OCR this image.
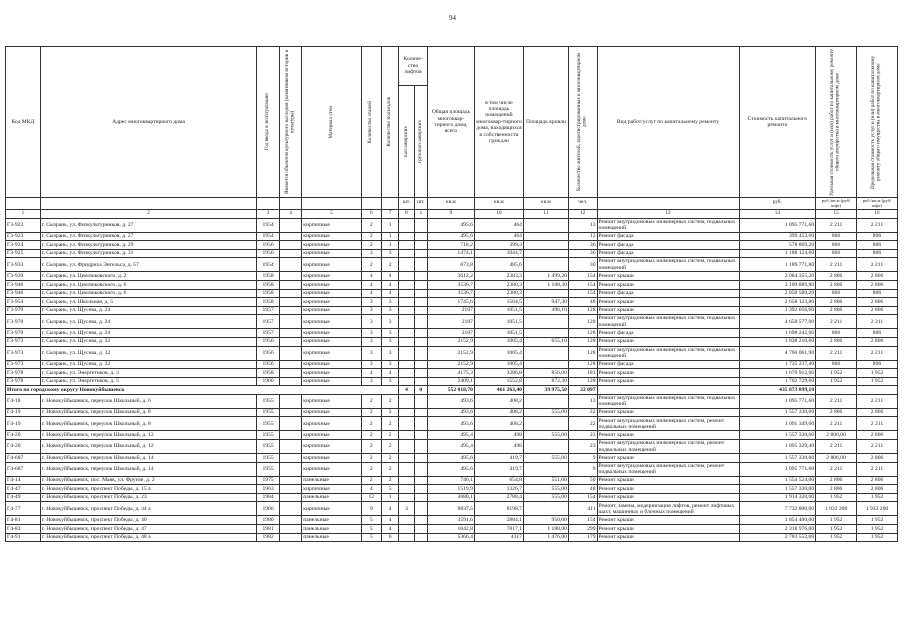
94
Код МКД	Адрес многоквартирного дома	Год ввода в эксплуатацию	Является объектом культурного наследия (памятником истории и культуры)	Материал стен	Количество этажей	Количество подъездов	Количе-ство лифтов		Общая площадь многоквар-тирного дома, всего	в том числе площадь помещений многоквар-тирного дома, находящихся в собственности граждан	Площадь кровли	Количество жителей, зарегистрированных в многоквартирном доме	Вид работ/услуг по капитальному ремонту	Стоимость капитального ремонта	Удельная стоимость услуг и (или) работ по капитальному ремонту общего имущества в многоквартирном доме	Предельная стоимость услуг и (или) работ по капитальному ремонту общего имущества в многоквартирном доме

							пассажирских	грузопассажирских								

							шт.	шт.	кв.м	кв.м	кв.м	чел.		руб.	руб./кв.м (руб/шфт)	руб./кв.м (руб/шфт)
1	2	3	4	5	6	7	8	x	9	10	11	12	13	14	15	16
Г3-923	г. Сызрань, ул. Физкультурников, д. 27	1954		кирпичные	2	1			495,6	464		13	Ремонт внутридомовых инженерных систем, подвальных помещений	1 095 771,60	2 211	2 211
Г3-923	г. Сызрань, ул. Физкультурников, д. 27	1954		кирпичные	2	1			495,6	464		13	Ремонт фасада	399 453,60	806	806
Г3-924	г. Сызрань, ул. Физкультурников, д. 29	1956		кирпичные	2	1			718,2	399,3		36	Ремонт фасада	578 869,20	806	806
Г3-925	г. Сызрань, ул. Физкультурников, д. 31	1956		кирпичные	3	3			1474,1	1044,7		36	Ремонт фасада	1 188 124,60	806	806
Г3-933	г. Сызрань, ул. Фридриха Энгельса, д. 57	1954		кирпичные	2	2			673,8	485,6		36	Ремонт внутридомовых инженерных систем, подвальных помещений	1 189 771,80	2 211	2 211
Г3-939	г. Сызрань, ул. Цемлюковского, д. 2	1958		кирпичные	4	4			3612,2	2383,3	1 499,20	154	Ремонт крыши	3 084 355,20	2 806	2 806
Г3-940	г. Сызрань, ул. Цемлюковского, д. 6	1958		кирпичные	4	4			3536,7	2380,3	1 108,30	154	Ремонт крыши	3 109 889,80	2 806	2 806
Г3-940	г. Сызрань, ул. Цемлюковского, д. 6	1958		кирпичные	4	4			3536,7	2380,3		154	Ремонт фасада	2 850 580,20	806	806
Г3-954	г. Сызрань, ул. Школьная, д. 5	1958		кирпичные	3	3			1745,6	1564,5	947,30	48	Ремонт крыши	2 658 123,80	2 806	2 806
Г3-970	г. Сызрань, ул. Щусева, д. 24	1957		кирпичные	3	3			2107	1051,5	496,10	128	Ремонт крыши	1 392 056,60	2 806	2 806
Г3-970	г. Сызрань, ул. Щусева, д. 24	1957		кирпичные	3	3			2107	1051,5		128	Ремонт внутридомовых инженерных систем, подвальных помещений	4 658 577,00	2 211	2 211
Г3-970	г. Сызрань, ул. Щусева, д. 24	1957		кирпичные	3	3			2107	1051,5		128	Ремонт фасада	1 698 242,00	806	806
Г3-973	г. Сызрань, ул. Щусева, д. 32	1956		кирпичные	3	3			2152,9	1005,4	655,10	128	Ремонт крыши	1 838 210,60	2 806	2 806
Г3-973	г. Сызрань, ул. Щусева, д. 32	1956		кирпичные	3	3			2152,9	1005,4		128	Ремонт внутридомовых инженерных систем, подвальных помещений	4 760 061,90	2 211	2 211
Г3-973	г. Сызрань, ул. Щусева, д. 32	1956		кирпичные	3	3			2152,9	1005,4		128	Ремонт фасада	1 735 237,40	806	806
Г3-978	г. Сызрань, ул. Энергетиков, д. 3	1958		кирпичные	4	4			4175,3	3286,8	856,00	181	Ремонт крыши	1 670 912,00	1 952	1 952
Г3-978	г. Сызрань, ул. Энергетиков, д. 5	1960		кирпичные	3	3			2409,1	1552,8	872,30	128	Ремонт крыши	1 702 729,60	1 952	1 952
Итого по городскому округу Новокуйбышевск							4	0	552 018,70	461 263,40	39 975,50	22 097		435 873 899,10		
Г4-18	г. Новокуйбышевск, переулок Школьный, д. 6	1955		кирпичные	2	2			493,6	408,2		13	Ремонт внутридомовых инженерных систем, подвальных помещений	1 095 771,60	2 211	2 211
Г4-19	г. Новокуйбышевск, переулок Школьный, д. 8	1955		кирпичные	2	2			493,6	408,2	555,00	22	Ремонт крыши	1 557 330,00	2 806	2 806
Г4-19	г. Новокуйбышевск, переулок Школьный, д. 8	1955		кирпичные	2	2			493,6	408,2		22	Ремонт внутридомовых инженерных систем, ремонт подвальных помещений	1 091 349,60	2 211	2 211
Г4-20	г. Новокуйбышевск, переулок Школьный, д. 12	1955		кирпичные	2	2			495,4	498	555,00	23	Ремонт крыши	1 557 330,00	2 806,00	2 806
Г4-20	г. Новокуйбышевск, переулок Школьный, д. 12	1955		кирпичные	2	2			495,4	498		23	Ремонт внутридомовых инженерных систем, ремонт подвальных помещений	1 095 329,40	2 211	2 211
Г4-687	г. Новокуйбышевск, переулок Школьный, д. 14	1955		кирпичные	2	2			495,6	419,7	555,00	9	Ремонт крыши	1 557 330,00	2 806,00	2 806
Г4-687	г. Новокуйбышевск, переулок Школьный, д. 14	1955		кирпичные	2	2			495,6	419,7		9	Ремонт внутридомовых инженерных систем, ремонт подвальных помещений	1 095 771,60	2 211	2 211
Г4-14	г. Новокуйбышевск, пос. Маяк, ул. Фрунзе, д. 2	1975		панельные	2	2			746,1	654,8	551,00	50	Ремонт крыши	1 554 524,00	2 806	2 806
Г4-47	г. Новокуйбышевск, проспект Победы, д. 15 а	1963		кирпичные	4	5			1519,9	1326,7	555,00	48	Ремонт крыши	1 557 330,00	2 806	2 806
Г4-49	г. Новокуйбышевск, проспект Победы, д. 23	1984		панельные	12	1			3680,1	2788,4	555,00	154	Ремонт крыши	1 914 320,00	1 952	1 952
Г4-77	г. Новокуйбышевск, проспект Победы, д. 34 а	1966		кирпичные	9	4	4		9837,5	8198,7		411	Ремонт, замена, модернизация лифтов, ремонт лифтовых шахт, машинных и блочных помещений	7 732 800,00	1 933 200	1 933 200
Г4-81	г. Новокуйбышевск, проспект Победы, д. 40	1980		панельные	5	4			3591,6	2884,1	950,00	154	Ремонт крыши	1 854 400,00	1 952	1 952
Г4-83	г. Новокуйбышевск, проспект Победы, д. 47	1981		панельные	5	4			1042,8	7817,1	1 188,00	299	Ремонт крыши	2 318 976,00	1 952	1 952
Г4-91	г. Новокуйбышевск, проспект Победы, д. 48 а	1982		панельные	5	6			5366,4	4317	1 476,00	179	Ремонт крыши	2 783 552,00	1 952	1 952
